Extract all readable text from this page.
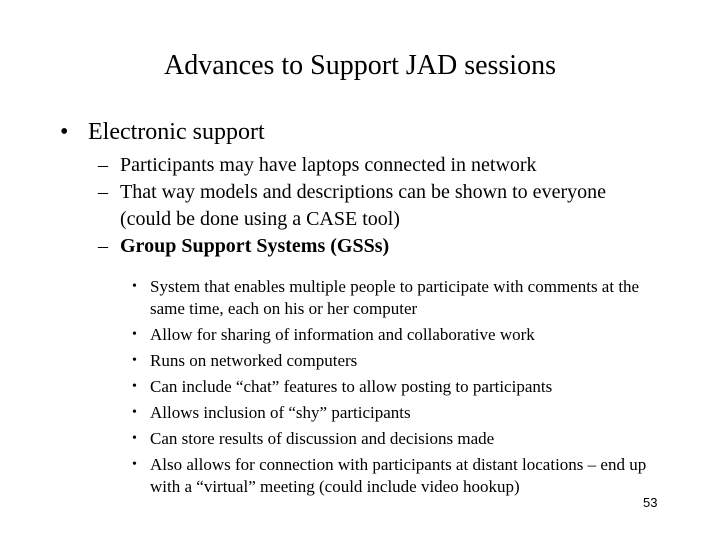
Advances to Support JAD sessions
• Electronic support
– Participants may have laptops connected in network
– That way models and descriptions can be shown to everyone (could be done using a CASE tool)
– Group Support Systems (GSSs)
• System that enables multiple people to participate with comments at the same time, each on his or her computer
• Allow for sharing of information and collaborative work
• Runs on networked computers
• Can include “chat” features to allow posting to participants
• Allows inclusion of “shy” participants
• Can store results of discussion and decisions made
• Also allows for connection with participants at distant locations – end up with a “virtual” meeting (could include video hookup)
53
